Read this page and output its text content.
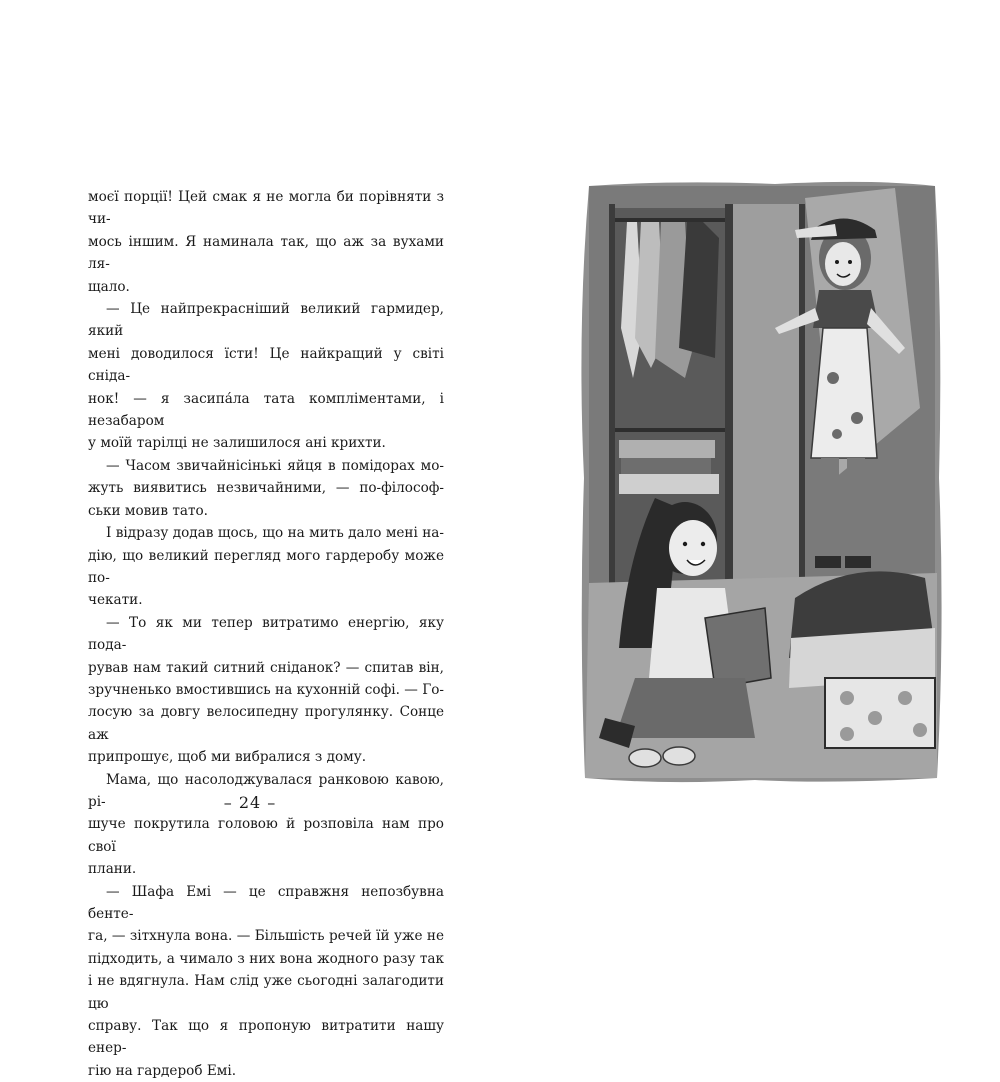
моєї порції! Цей смак я не могла би порівняти з чи-

мось іншим. Я наминала так, що аж за вухами ля-

щало.

— Це найпрекрасніший великий гармидер, який

мені доводилося їсти! Це найкращий у світі сніда-

нок! — я засипа́ла тата компліментами, і незабаром

у моїй тарілці не залишилося ані крихти.

— Часом звичайнісінькі яйця в помідорах мо-

жуть виявитись незвичайними, — по-філософ-

ськи мовив тато.

І відразу додав щось, що на мить дало мені на-

дію, що великий перегляд мого гардеробу може по-

чекати.

— То як ми тепер витратимо енергію, яку пода-

рував нам такий ситний сніданок? — спитав він,

зручненько вмостившись на кухонній софі. — Го-

лосую за довгу велосипедну прогулянку. Сонце аж

припрошує, щоб ми вибралися з дому.

Мама, що насолоджувалася ранковою кавою, рі-

шуче покрутила головою й розповіла нам про свої

плани.

— Шафа Емі — це справжня непозбувна бенте-

га, — зітхнула вона. — Більшість речей їй уже не

підходить, а чимало з них вона жодного разу так

і не вдягнула. Нам слід уже сьогодні залагодити цю

справу. Так що я пропоную витратити нашу енер-

гію на гардероб Емі.

– 24 –
